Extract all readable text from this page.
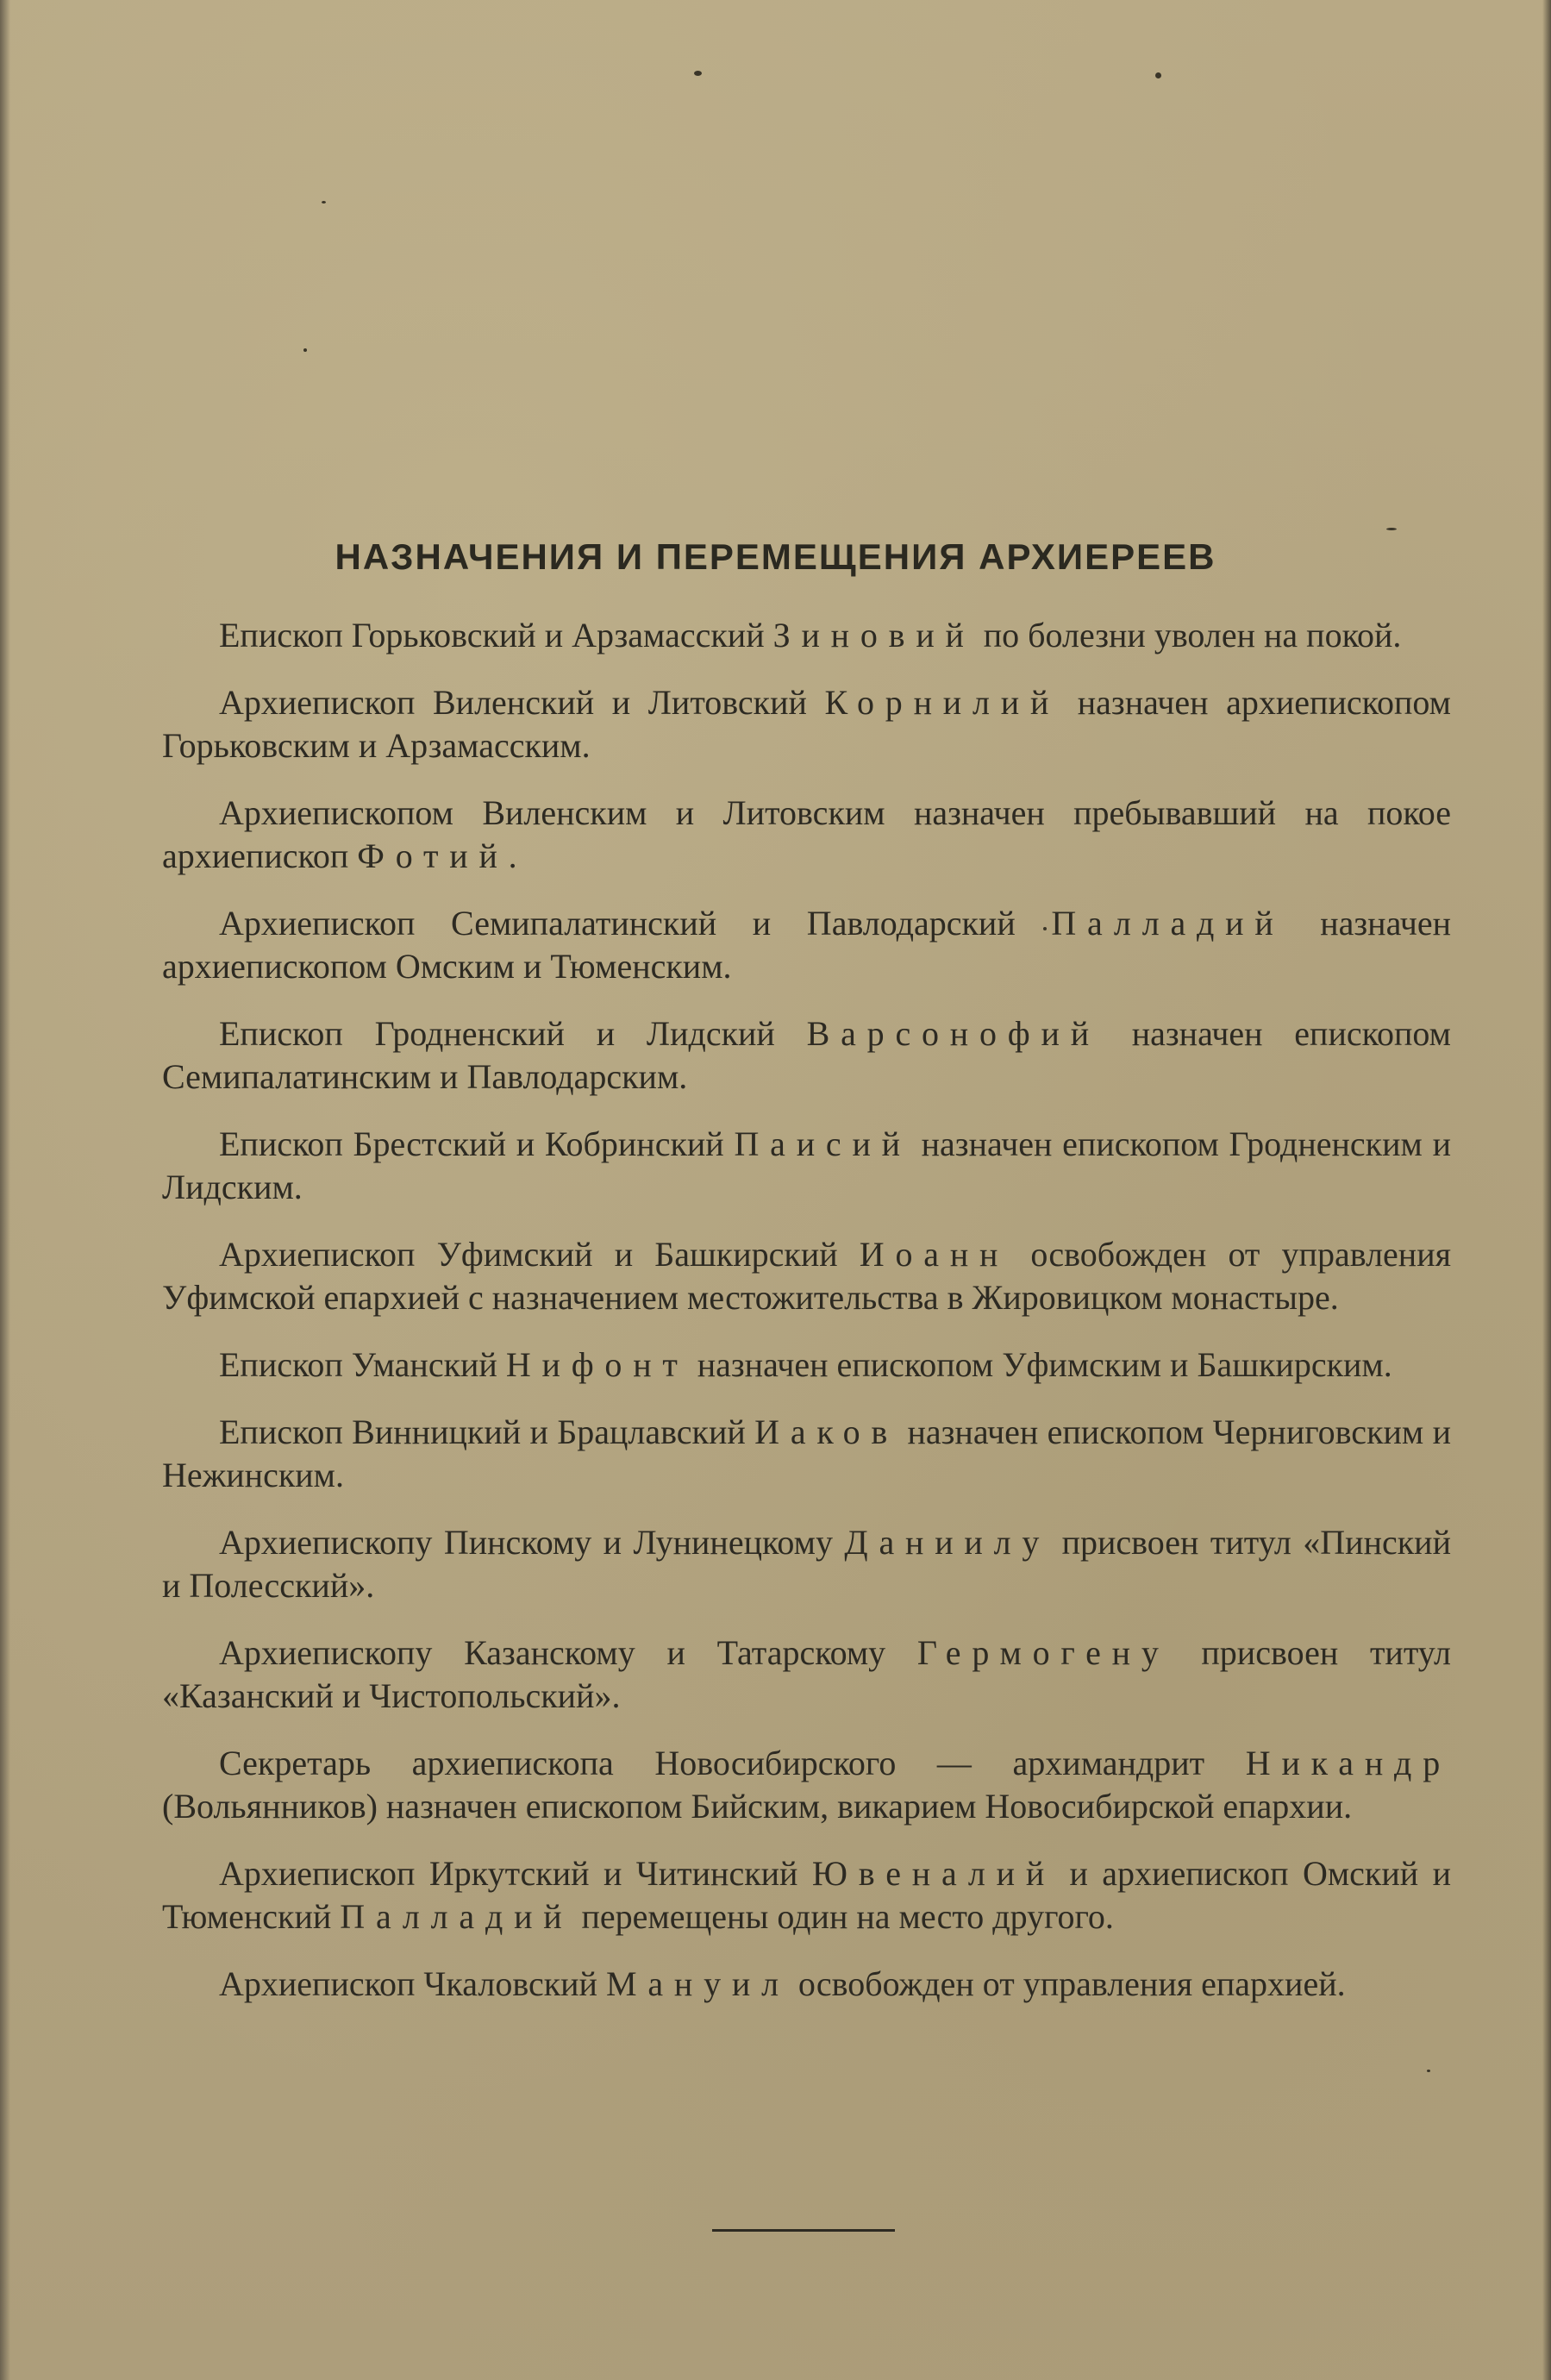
НАЗНАЧЕНИЯ И ПЕРЕМЕЩЕНИЯ АРХИЕРЕЕВ

Епископ Горьковский и Арзамасский Зиновий по болезни уволен на покой.

Архиепископ Виленский и Литовский Корнилий назначен архиепископом Горьковским и Арзамасским.

Архиепископом Виленским и Литовским назначен пребывавший на покое архиепископ Фотий.

Архиепископ Семипалатинский и Павлодарский Палладий назначен архиепископом Омским и Тюменским.

Епископ Гродненский и Лидский Варсонофий назначен епископом Семипалатинским и Павлодарским.

Епископ Брестский и Кобринский Паисий назначен епископом Гродненским и Лидским.

Архиепископ Уфимский и Башкирский Иоанн освобожден от управления Уфимской епархией с назначением местожительства в Жировицком монастыре.

Епископ Уманский Нифонт назначен епископом Уфимским и Башкирским.

Епископ Винницкий и Брацлавский Иаков назначен епископом Черниговским и Нежинским.

Архиепископу Пинскому и Лунинецкому Даниилу присвоен титул «Пинский и Полесский».

Архиепископу Казанскому и Татарскому Гермогену присвоен титул «Казанский и Чистопольский».

Секретарь архиепископа Новосибирского — архимандрит Никандр (Вольянников) назначен епископом Бийским, викарием Новосибирской епархии.

Архиепископ Иркутский и Читинский Ювеналий и архиепископ Омский и Тюменский Палладий перемещены один на место другого.

Архиепископ Чкаловский Мануил освобожден от управления епархией.
